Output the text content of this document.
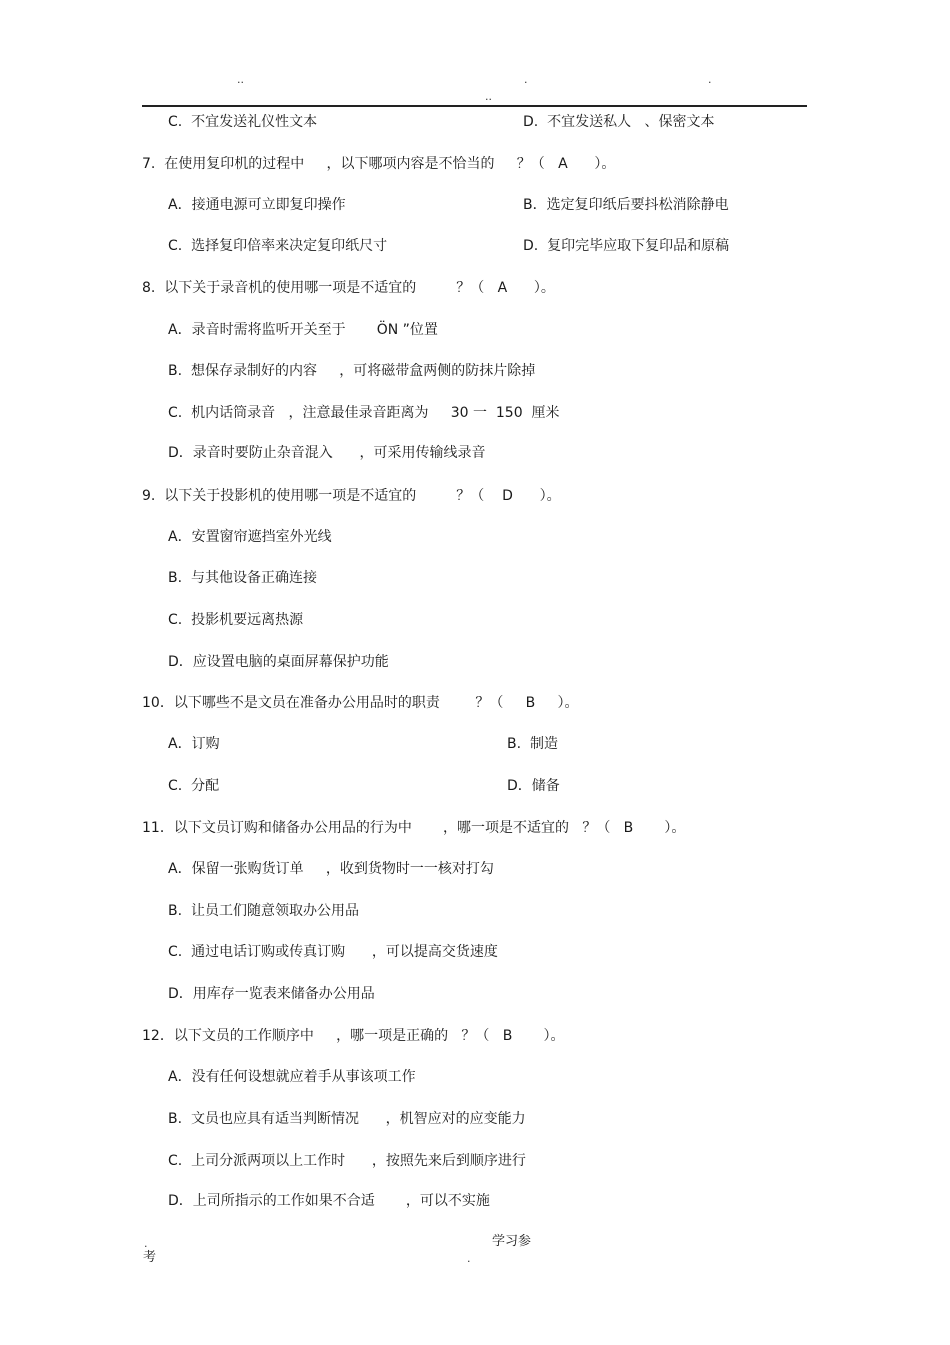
..	.	.
..
C.  不宜发送礼仪性文本	D.  不宜发送私人   、保密文本
7.  在使用复印机的过程中     ，以下哪项内容是不恰当的     ？（   A      ）。
A．接通电源可立即复印操作	B．选定复印纸后要抖松消除静电
C.  选择复印倍率来决定复印纸尺寸	D.  复印完毕应取下复印品和原稿
8.  以下关于录音机的使用哪一项是不适宜的         ？（   A      ）。
A．录音时需将监听开关至于       ÖN ”位置
B.  想保存录制好的内容     ，可将磁带盒两侧的防抹片除掉
C.  机内话筒录音   ，注意最佳录音距离为     30 一  150  厘米
D．录音时要防止杂音混入      ，可采用传输线录音
9.  以下关于投影机的使用哪一项是不适宜的         ？（    D      ）。
A．安置窗帘遮挡室外光线
B.  与其他设备正确连接
C.  投影机要远离热源
D．应设置电脑的桌面屏幕保护功能
10．以下哪些不是文员在准备办公用品时的职责        ？（     B     ）。
A．订购	B.  制造
C.  分配	D．储备
11．以下文员订购和储备办公用品的行为中       ，哪一项是不适宜的   ？（   B       ）。
A．保留一张购货订单     ，收到货物时一一核对打勾
B.  让员工们随意领取办公用品
C.  通过电话订购或传真订购      ，可以提高交货速度
D．用库存一览表来储备办公用品
12．以下文员的工作顺序中     ，哪一项是正确的   ？（   B       ）。
A．没有任何设想就应着手从事该项工作
B.  文员也应具有适当判断情况      ，机智应对的应变能力
C.  上司分派两项以上工作时      ，按照先来后到顺序进行
D．上司所指示的工作如果不合适       ，可以不实施
.
考
学习参
.
